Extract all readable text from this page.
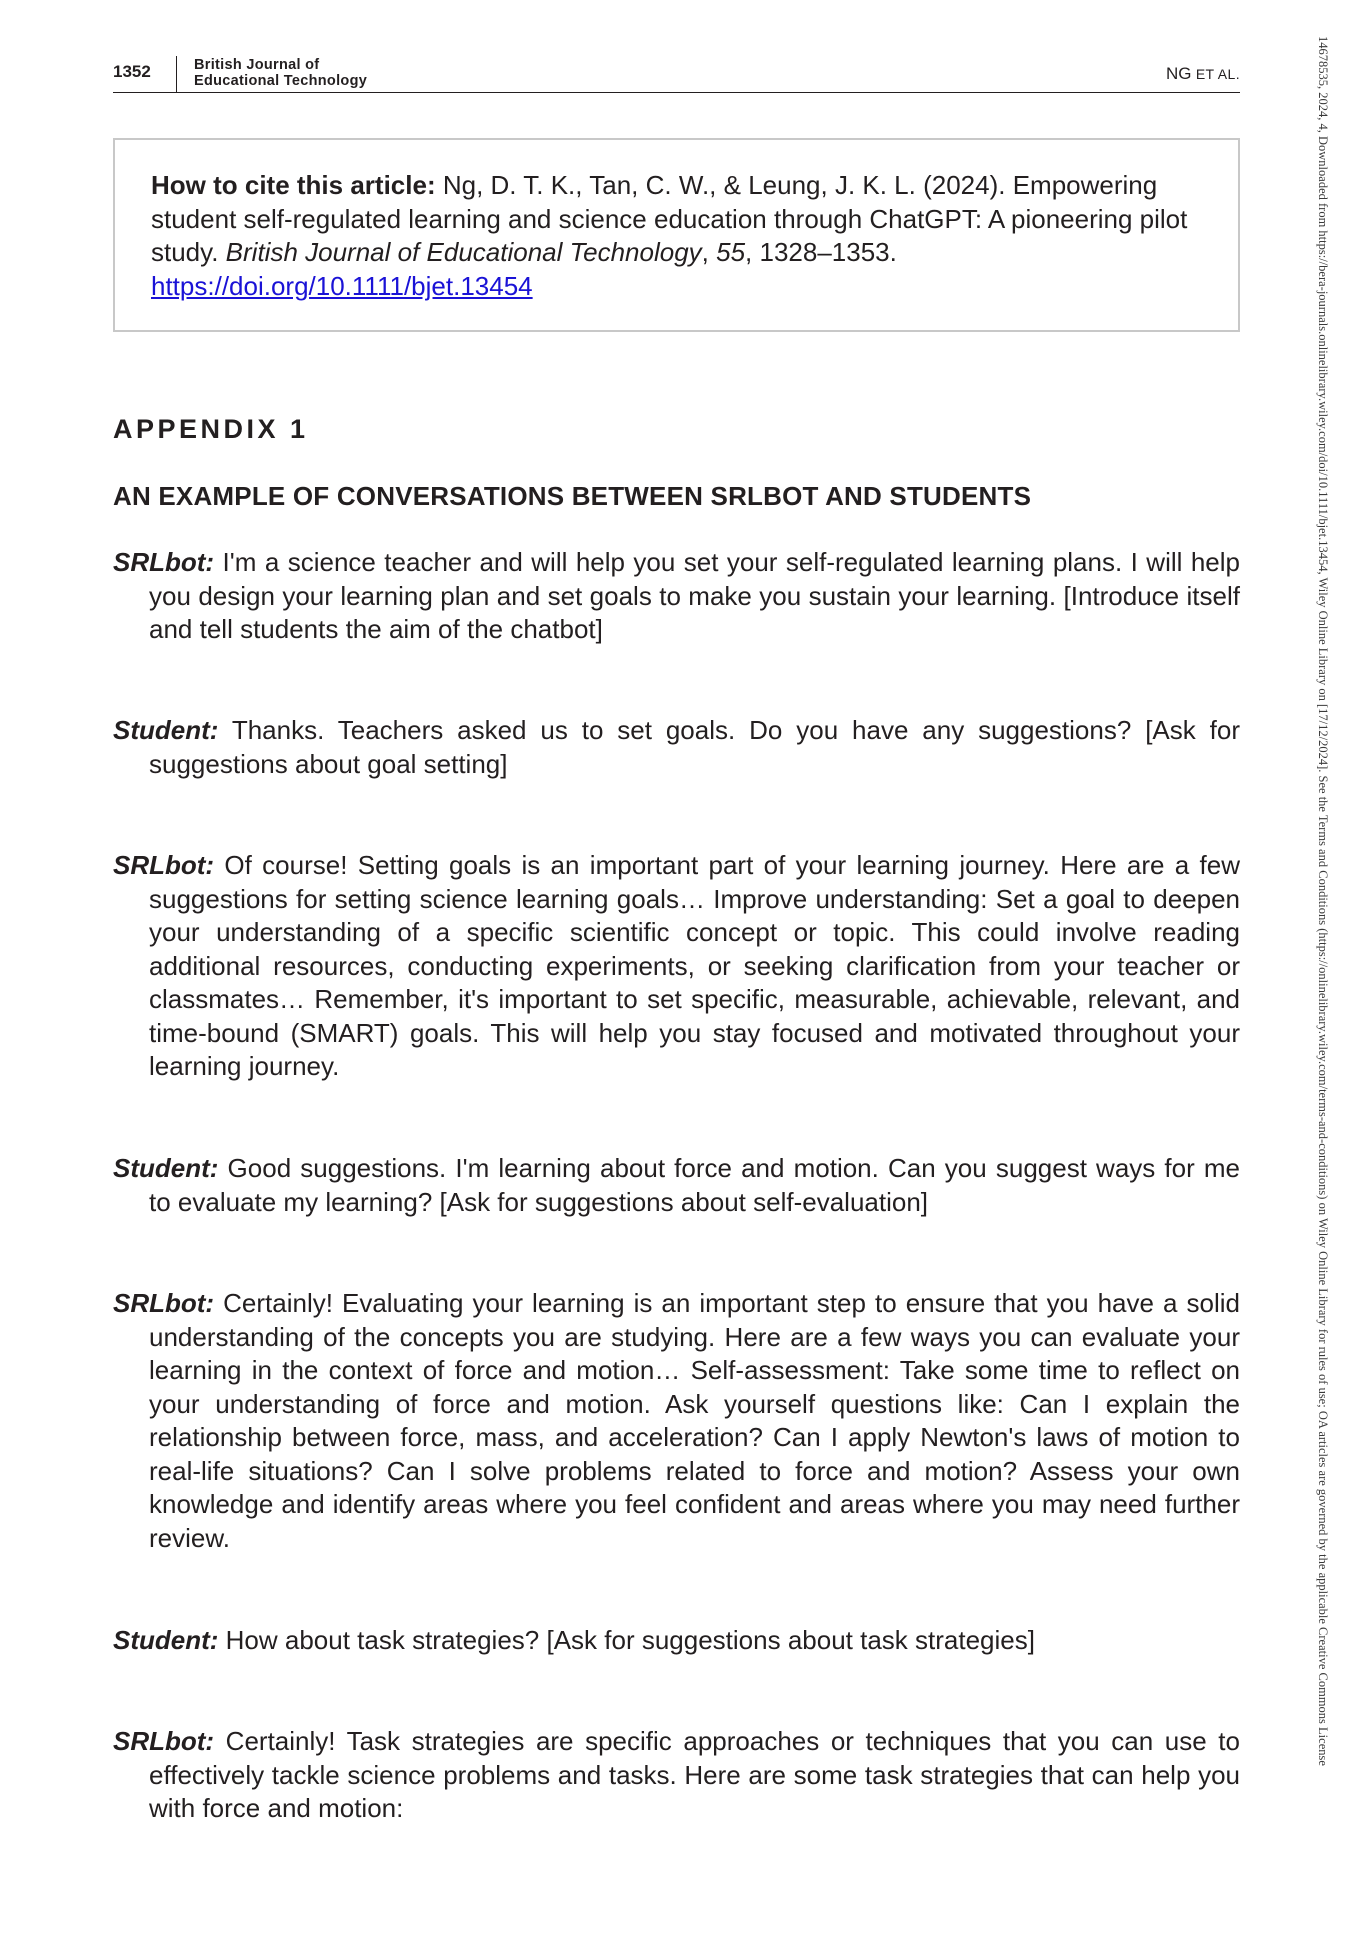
1352	British Journal of
Educational Technology	NG ET AL.
How to cite this article: Ng, D. T. K., Tan, C. W., & Leung, J. K. L. (2024). Empowering student self-regulated learning and science education through ChatGPT: A pioneering pilot study. British Journal of Educational Technology, 55, 1328–1353. https://doi.org/10.1111/bjet.13454
APPENDIX 1
AN EXAMPLE OF CONVERSATIONS BETWEEN SRLBOT AND STUDENTS

SRLbot: I'm a science teacher and will help you set your self-regulated learning plans. I will help you design your learning plan and set goals to make you sustain your learning. [Introduce itself and tell students the aim of the chatbot]

Student: Thanks. Teachers asked us to set goals. Do you have any suggestions? [Ask for suggestions about goal setting]

SRLbot: Of course! Setting goals is an important part of your learning journey. Here are a few suggestions for setting science learning goals… Improve understanding: Set a goal to deepen your understanding of a specific scientific concept or topic. This could involve reading additional resources, conducting experiments, or seeking clarification from your teacher or classmates… Remember, it's important to set specific, measurable, achievable, relevant, and time-bound (SMART) goals. This will help you stay focused and motivated throughout your learning journey.

Student: Good suggestions. I'm learning about force and motion. Can you suggest ways for me to evaluate my learning? [Ask for suggestions about self-evaluation]

SRLbot: Certainly! Evaluating your learning is an important step to ensure that you have a solid understanding of the concepts you are studying. Here are a few ways you can evaluate your learning in the context of force and motion… Self-assessment: Take some time to reflect on your understanding of force and motion. Ask yourself questions like: Can I explain the relationship between force, mass, and acceleration? Can I apply Newton's laws of motion to real-life situations? Can I solve problems related to force and motion? Assess your own knowledge and identify areas where you feel confident and areas where you may need further review.

Student: How about task strategies? [Ask for suggestions about task strategies]

SRLbot: Certainly! Task strategies are specific approaches or techniques that you can use to effectively tackle science problems and tasks. Here are some task strategies that can help you with force and motion:

14678535, 2024, 4, Downloaded from https://bera-journals.onlinelibrary.wiley.com/doi/10.1111/bjet.13454, Wiley Online Library on [17/12/2024]. See the Terms and Conditions (https://onlinelibrary.wiley.com/terms-and-conditions) on Wiley Online Library for rules of use; OA articles are governed by the applicable Creative Commons License
